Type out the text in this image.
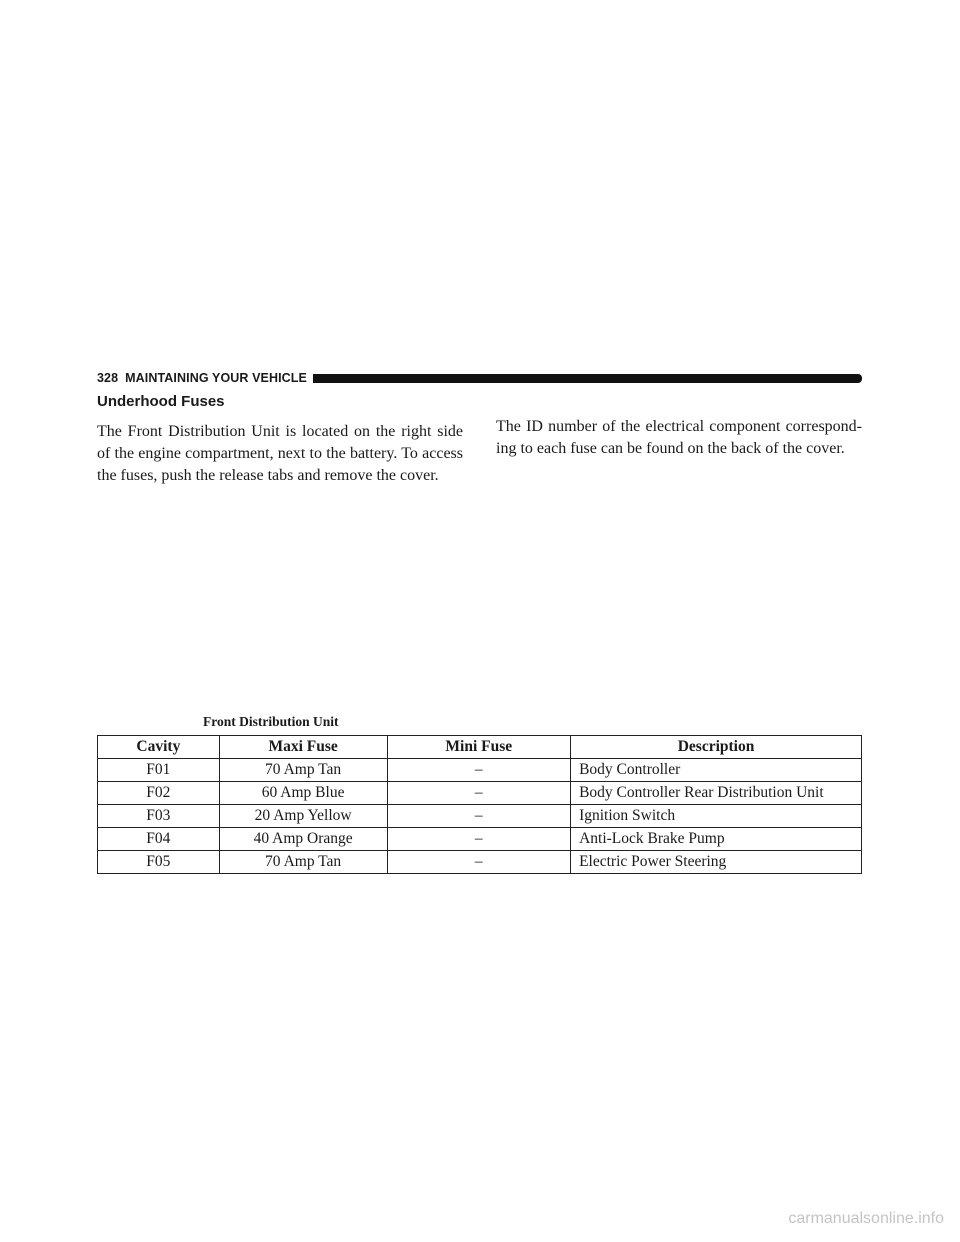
328 MAINTAINING YOUR VEHICLE
Underhood Fuses

The Front Distribution Unit is located on the right side of the engine compartment, next to the battery. To access the fuses, push the release tabs and remove the cover.

The ID number of the electrical component correspond-ing to each fuse can be found on the back of the cover.

Front Distribution Unit
Cavity	Maxi Fuse	Mini Fuse	Description
F01	70 Amp Tan	–	Body Controller
F02	60 Amp Blue	–	Body Controller Rear Distribution Unit
F03	20 Amp Yellow	–	Ignition Switch
F04	40 Amp Orange	–	Anti-Lock Brake Pump
F05	70 Amp Tan	–	Electric Power Steering
carmanualsonline.info
